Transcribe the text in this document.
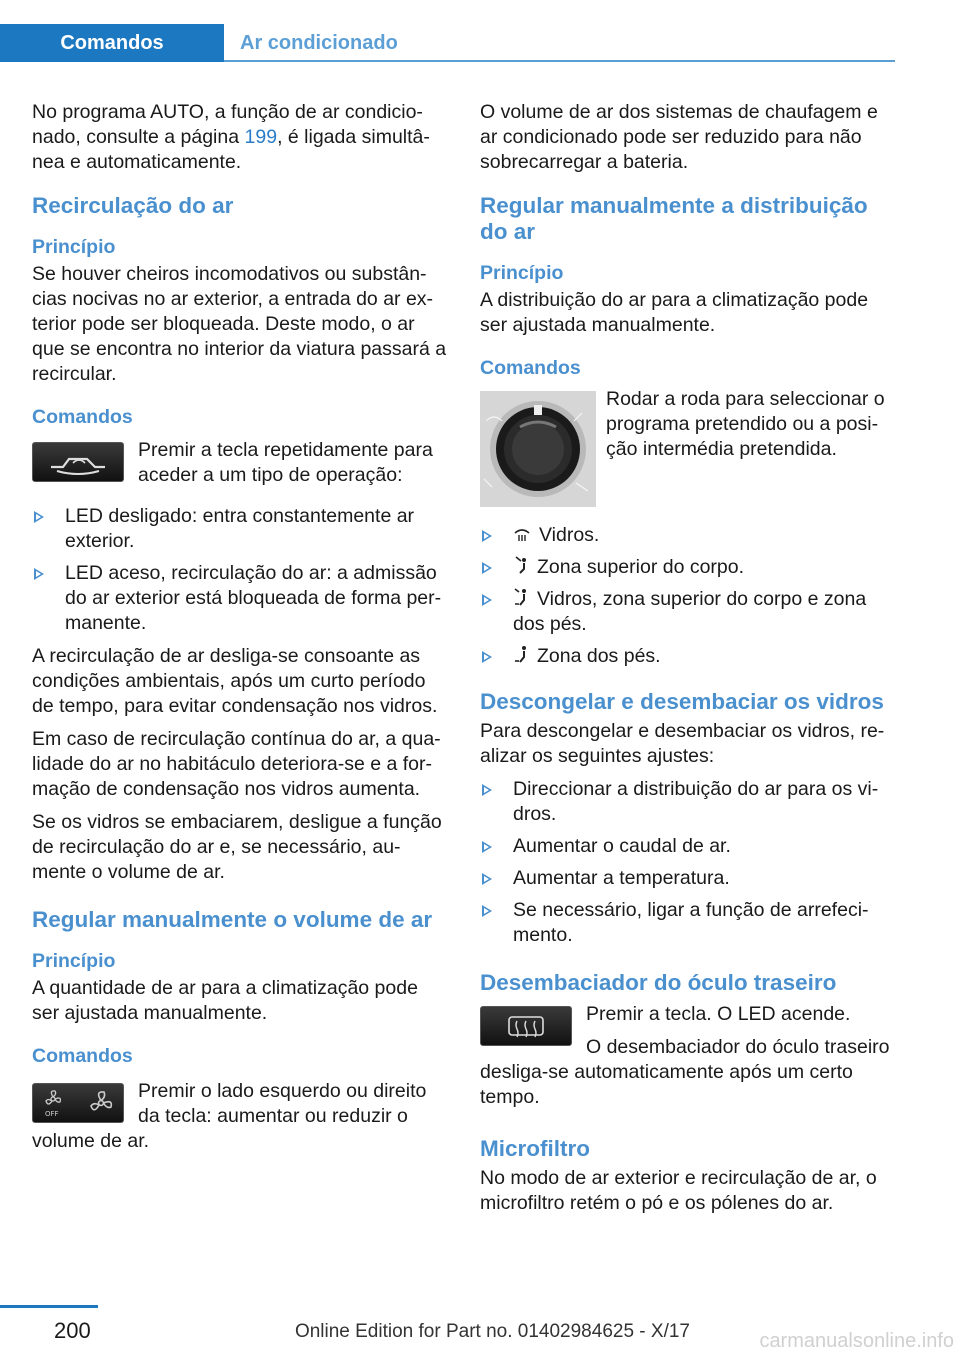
Comandos	Ar condicionado

No programa AUTO, a função de ar condicio-nado, consulte a página 199, é ligada simultâ-nea e automaticamente.

Recirculação do ar
Princípio

Se houver cheiros incomodativos ou substân-cias nocivas no ar exterior, a entrada do ar ex-terior pode ser bloqueada. Deste modo, o ar que se encontra no interior da viatura passará a recircular.

Comandos

Premir a tecla repetidamente para aceder a um tipo de operação:

LED desligado: entra constantemente ar exterior.
LED aceso, recirculação do ar: a admissão do ar exterior está bloqueada de forma per-manente.

A recirculação de ar desliga-se consoante as condições ambientais, após um curto período de tempo, para evitar condensação nos vidros.

Em caso de recirculação contínua do ar, a qua-lidade do ar no habitáculo deteriora-se e a for-mação de condensação nos vidros aumenta.

Se os vidros se embaciarem, desligue a função de recirculação do ar e, se necessário, au-mente o volume de ar.

Regular manualmente o volume de ar
Princípio

A quantidade de ar para a climatização pode ser ajustada manualmente.

Comandos
OFF

Premir o lado esquerdo ou direito da tecla: aumentar ou reduzir o volume de ar.

O volume de ar dos sistemas de chaufagem e ar condicionado pode ser reduzido para não sobrecarregar a bateria.

Regular manualmente a distribuição do ar
Princípio

A distribuição do ar para a climatização pode ser ajustada manualmente.

Comandos

Rodar a roda para seleccionar o programa pretendido ou a posi-ção intermédia pretendida.

Vidros.
Zona superior do corpo.
Vidros, zona superior do corpo e zona dos pés.
Zona dos pés.
Descongelar e desembaciar os vidros

Para descongelar e desembaciar os vidros, re-alizar os seguintes ajustes:

Direccionar a distribuição do ar para os vi-dros.
Aumentar o caudal de ar.
Aumentar a temperatura.
Se necessário, ligar a função de arrefeci-mento.
Desembaciador do óculo traseiro

Premir a tecla. O LED acende.

O desembaciador do óculo traseiro desliga-se automaticamente após um certo tempo.

Microfiltro

No modo de ar exterior e recirculação de ar, o microfiltro retém o pó e os pólenes do ar.

200	Online Edition for Part no. 01402984625 - X/17	carmanualsonline.info
